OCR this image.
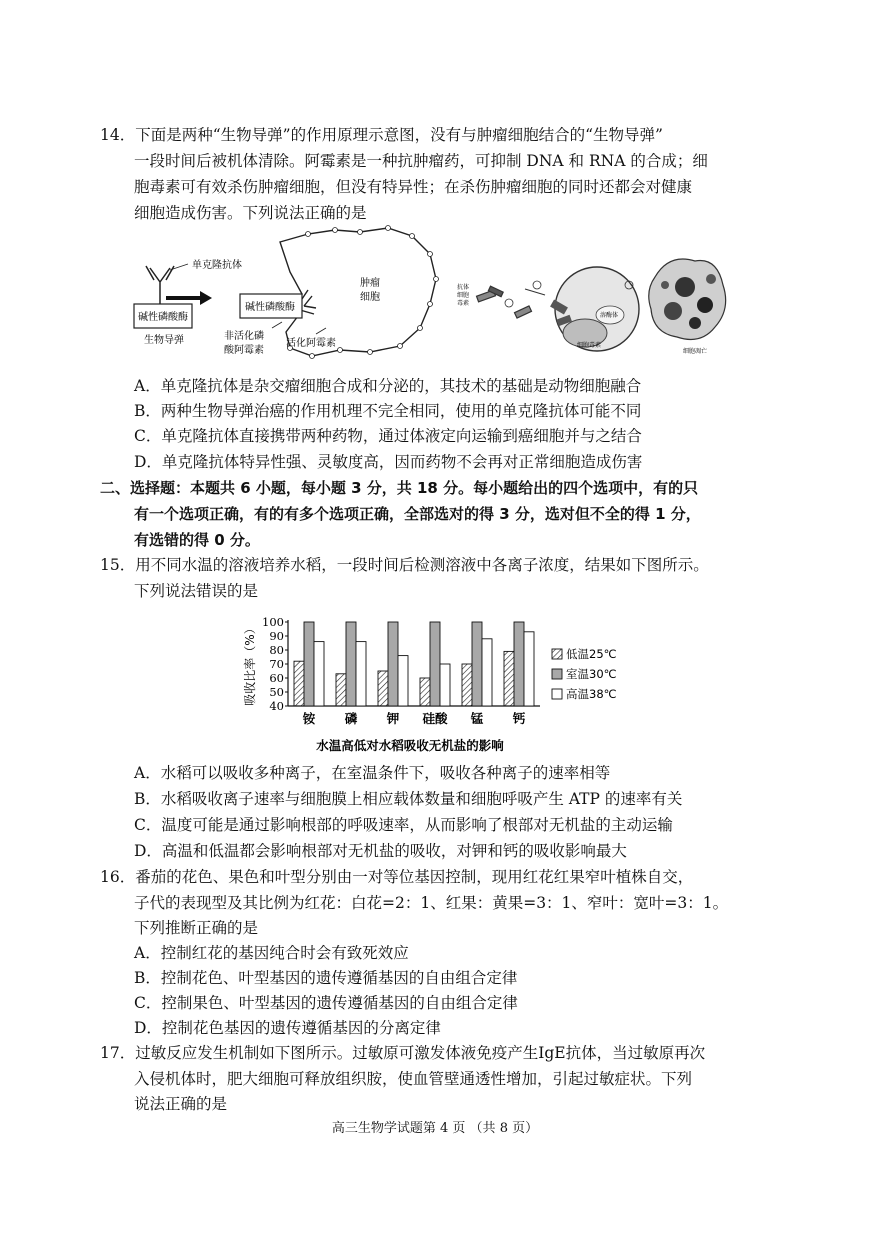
14．下面是两种“生物导弹”的作用原理示意图，没有与肿瘤细胞结合的“生物导弹”
一段时间后被机体清除。阿霉素是一种抗肿瘤药，可抑制 DNA 和 RNA 的合成；细
胞毒素可有效杀伤肿瘤细胞，但没有特异性；在杀伤肿瘤细胞的同时还都会对健康
细胞造成伤害。下列说法正确的是
单克隆抗体
碱性磷酸酶
生物导弹
肿瘤
细胞
碱性磷酸酶
非活化磷
酸阿霉素
活化阿霉素
抗体
细胞
毒素
溶酶体
细胞毒素
细胞凋亡
A．单克隆抗体是杂交瘤细胞合成和分泌的，其技术的基础是动物细胞融合
B．两种生物导弹治癌的作用机理不完全相同，使用的单克隆抗体可能不同
C．单克隆抗体直接携带两种药物，通过体液定向运输到癌细胞并与之结合
D．单克隆抗体特异性强、灵敏度高，因而药物不会再对正常细胞造成伤害
二、选择题：本题共 6 小题，每小题 3 分，共 18 分。每小题给出的四个选项中，有的只
有一个选项正确，有的有多个选项正确，全部选对的得 3 分，选对但不全的得 1 分，
有选错的得 0 分。
15．用不同水温的溶液培养水稻，一段时间后检测溶液中各离子浓度，结果如下图所示。
下列说法错误的是
吸收比率（%）
100
90
80
70
60
50
40
铵 磷 钾 硅酸 锰 钙
低温25℃
室温30℃
高温38℃
水温高低对水稻吸收无机盐的影响
A．水稻可以吸收多种离子，在室温条件下，吸收各种离子的速率相等
B．水稻吸收离子速率与细胞膜上相应载体数量和细胞呼吸产生 ATP 的速率有关
C．温度可能是通过影响根部的呼吸速率，从而影响了根部对无机盐的主动运输
D．高温和低温都会影响根部对无机盐的吸收，对钾和钙的吸收影响最大
16．番茄的花色、果色和叶型分别由一对等位基因控制，现用红花红果窄叶植株自交，
子代的表现型及其比例为红花：白花=2：1、红果：黄果=3：1、窄叶：宽叶=3：1。
下列推断正确的是
A．控制红花的基因纯合时会有致死效应
B．控制花色、叶型基因的遗传遵循基因的自由组合定律
C．控制果色、叶型基因的遗传遵循基因的自由组合定律
D．控制花色基因的遗传遵循基因的分离定律
17．过敏反应发生机制如下图所示。过敏原可激发体液免疫产生IgE抗体，当过敏原再次
入侵机体时，肥大细胞可释放组织胺，使血管壁通透性增加，引起过敏症状。下列
说法正确的是
高三生物学试题第 4 页 （共 8 页）
